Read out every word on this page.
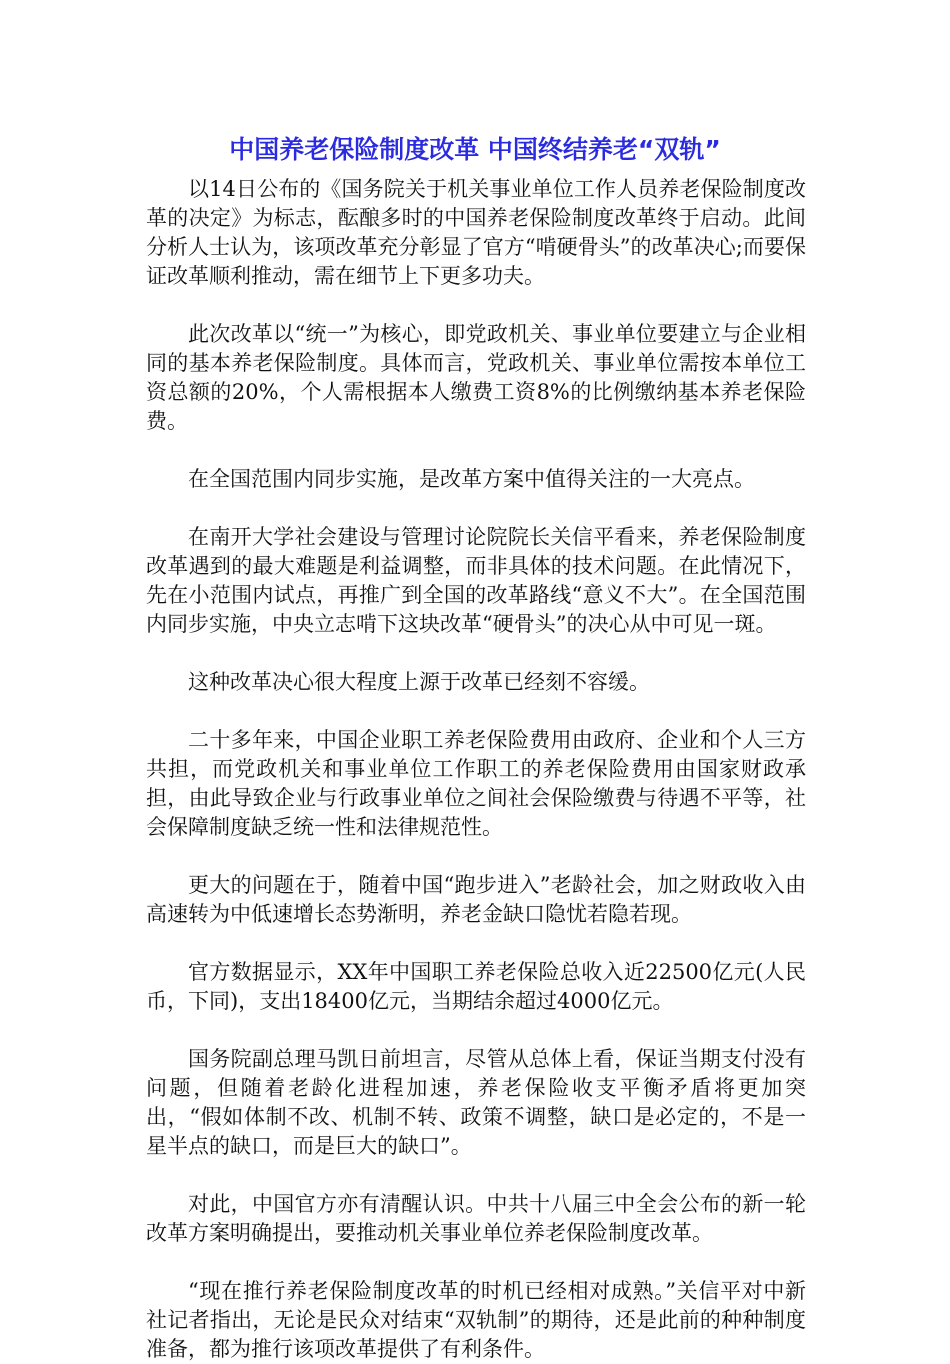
中国养老保险制度改革 中国终结养老“双轨”

以14日公布的《国务院关于机关事业单位工作人员养老保险制度改革的决定》为标志，酝酿多时的中国养老保险制度改革终于启动。此间分析人士认为，该项改革充分彰显了官方“啃硬骨头”的改革决心;而要保证改革顺利推动，需在细节上下更多功夫。

此次改革以“统一”为核心，即党政机关、事业单位要建立与企业相同的基本养老保险制度。具体而言，党政机关、事业单位需按本单位工资总额的20%，个人需根据本人缴费工资8%的比例缴纳基本养老保险费。

在全国范围内同步实施，是改革方案中值得关注的一大亮点。

在南开大学社会建设与管理讨论院院长关信平看来，养老保险制度改革遇到的最大难题是利益调整，而非具体的技术问题。在此情况下，先在小范围内试点，再推广到全国的改革路线“意义不大”。在全国范围内同步实施，中央立志啃下这块改革“硬骨头”的决心从中可见一斑。

这种改革决心很大程度上源于改革已经刻不容缓。

二十多年来，中国企业职工养老保险费用由政府、企业和个人三方共担，而党政机关和事业单位工作职工的养老保险费用由国家财政承担，由此导致企业与行政事业单位之间社会保险缴费与待遇不平等，社会保障制度缺乏统一性和法律规范性。

更大的问题在于，随着中国“跑步进入”老龄社会，加之财政收入由高速转为中低速增长态势渐明，养老金缺口隐忧若隐若现。

官方数据显示，XX年中国职工养老保险总收入近22500亿元(人民币，下同)，支出18400亿元，当期结余超过4000亿元。

国务院副总理马凯日前坦言，尽管从总体上看，保证当期支付没有问题，但随着老龄化进程加速，养老保险收支平衡矛盾将更加突出，“假如体制不改、机制不转、政策不调整，缺口是必定的，不是一星半点的缺口，而是巨大的缺口”。

对此，中国官方亦有清醒认识。中共十八届三中全会公布的新一轮改革方案明确提出，要推动机关事业单位养老保险制度改革。

“现在推行养老保险制度改革的时机已经相对成熟。”关信平对中新社记者指出，无论是民众对结束“双轨制”的期待，还是此前的种种制度准备，都为推行该项改革提供了有利条件。
